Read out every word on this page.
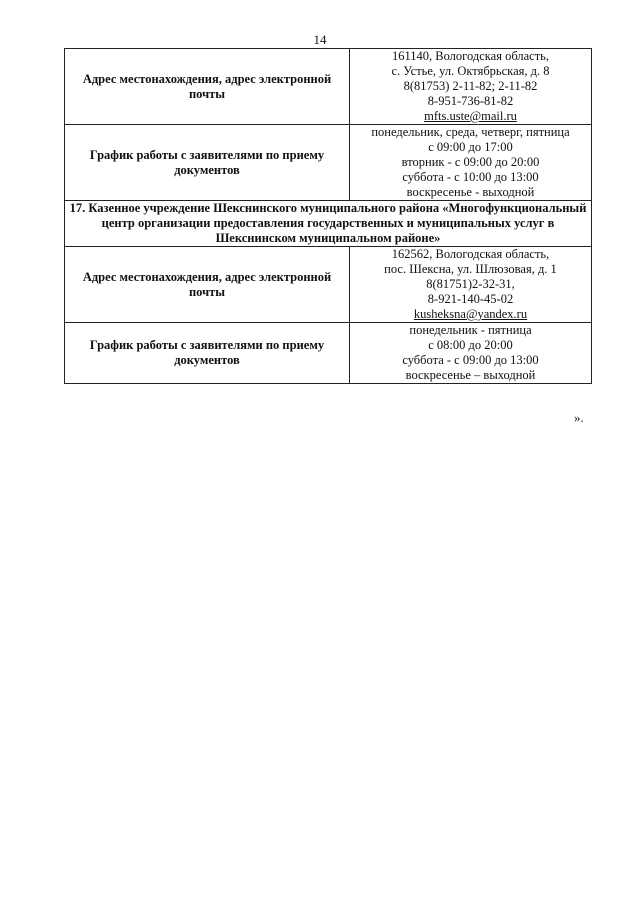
14
Адрес местонахождения, адрес электронной почты	161140, Вологодская область,
с. Устье, ул. Октябрьская, д. 8
8(81753) 2-11-82; 2-11-82
8-951-736-81-82
mfts.uste@mail.ru

График работы с заявителями по приему документов	понедельник, среда, четверг, пятница
с 09:00 до 17:00
вторник - с 09:00 до 20:00
суббота - с 10:00 до 13:00
воскресенье - выходной

17. Казенное учреждение Шекснинского муниципального района «Многофункциональный центр организации предоставления государственных и муниципальных услуг в Шекснинском муниципальном районе»	
Адрес местонахождения, адрес электронной почты	162562, Вологодская область,
пос. Шексна, ул. Шлюзовая, д. 1
8(81751)2-32-31,
8-921-140-45-02
kusheksna@yandex.ru

График работы с заявителями по приему документов	понедельник - пятница
с 08:00 до 20:00
суббота - с 09:00 до 13:00
воскресенье – выходной
».
